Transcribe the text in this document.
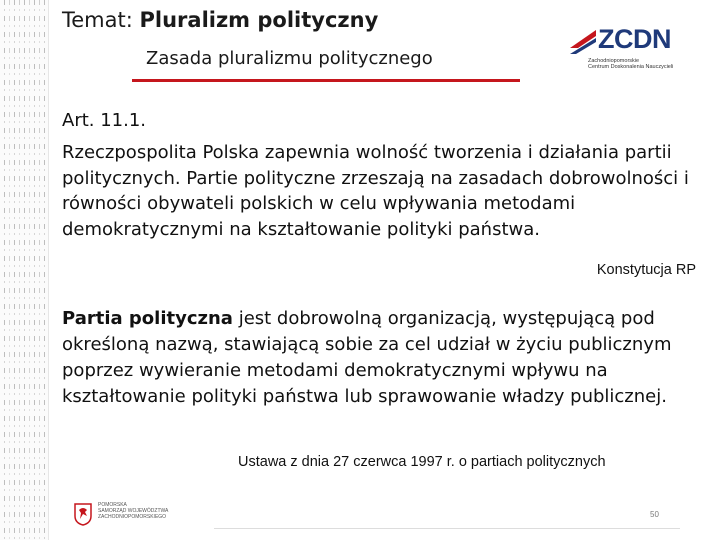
Temat: Pluralizm polityczny
Zasada pluralizmu politycznego
ZCDN
Zachodniopomorskie
Centrum Doskonalenia Nauczycieli
Art. 11.1.
Rzeczpospolita Polska zapewnia wolność tworzenia i działania partii politycznych. Partie polityczne zrzeszają na zasadach dobrowolności i równości obywateli polskich w celu wpływania metodami demokratycznymi na kształtowanie polityki państwa.
Konstytucja RP
Partia polityczna jest dobrowolną organizacją, występującą pod określoną nazwą, stawiającą sobie za cel udział w życiu publicznym poprzez wywieranie metodami demokratycznymi wpływu na kształtowanie polityki państwa lub sprawowanie władzy publicznej.
Ustawa z dnia 27 czerwca 1997 r. o partiach politycznych
POMORSKA
SAMORZĄD WOJEWÓDZTWA
ZACHODNIOPOMORSKIEGO	50
